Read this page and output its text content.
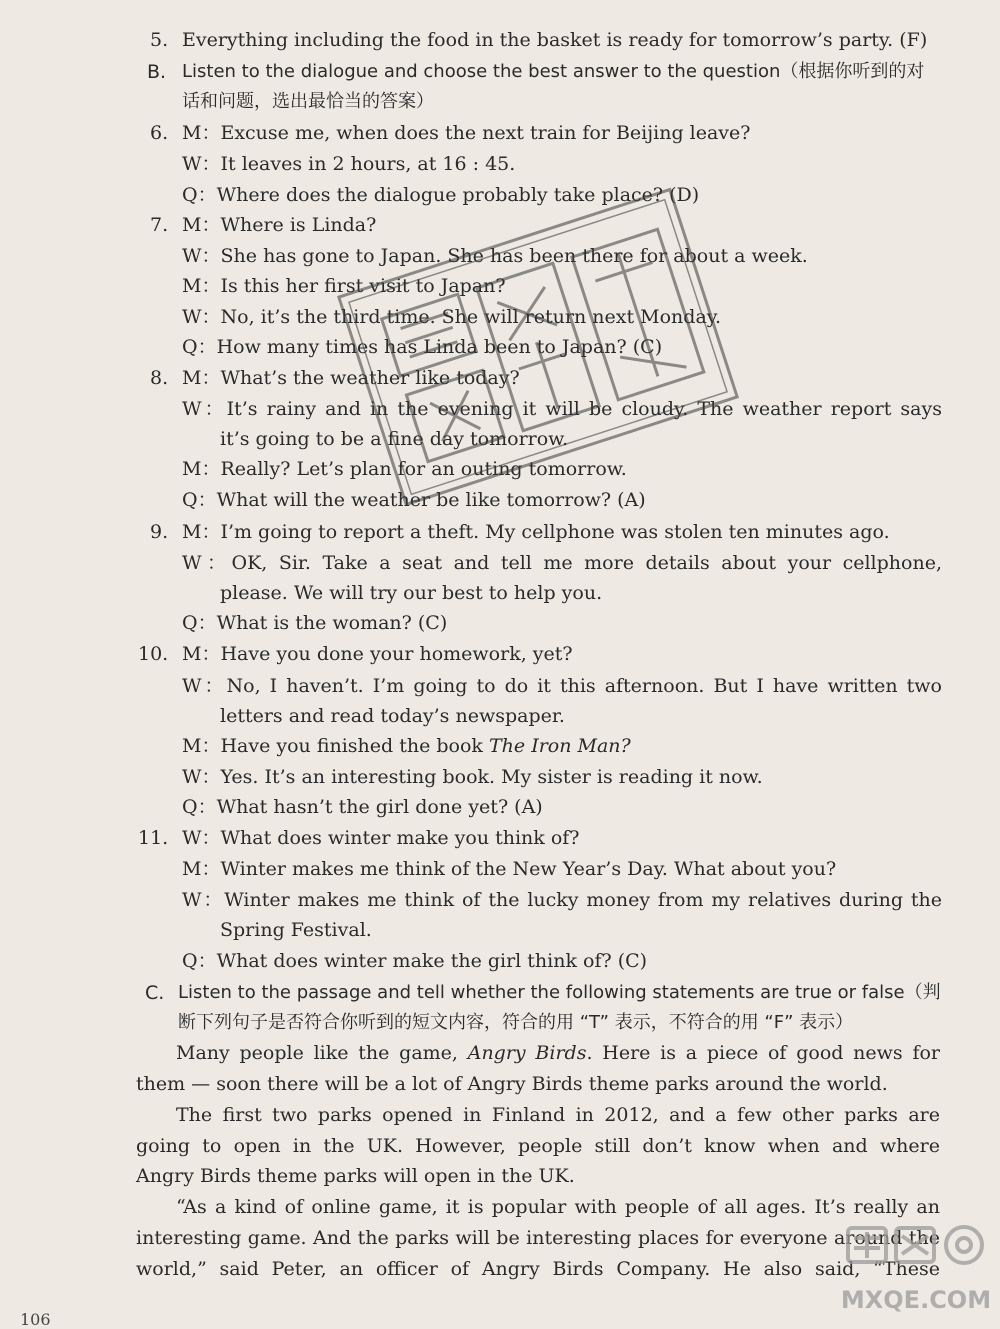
5. Everything including the food in the basket is ready for tomorrow’s party. (F)
B. Listen to the dialogue and choose the best answer to the question（根据你听到的对
话和问题，选出最恰当的答案）
6. M：Excuse me, when does the next train for Beijing leave?
W：It leaves in 2 hours, at 16 : 45.
Q：Where does the dialogue probably take place? (D)
7. M：Where is Linda?
W：She has gone to Japan. She has been there for about a week.
M：Is this her first visit to Japan?
W：No, it’s the third time. She will return next Monday.
Q：How many times has Linda been to Japan? (C)
8. M：What’s the weather like today?
W：It’s rainy and in the evening it will be cloudy. The weather report says
it’s going to be a fine day tomorrow.
M：Really? Let’s plan for an outing tomorrow.
Q：What will the weather be like tomorrow? (A)
9. M：I’m going to report a theft. My cellphone was stolen ten minutes ago.
W：OK, Sir. Take a seat and tell me more details about your cellphone,
please. We will try our best to help you.
Q：What is the woman? (C)
10. M：Have you done your homework, yet?
W：No, I haven’t. I’m going to do it this afternoon. But I have written two
letters and read today’s newspaper.
M：Have you finished the book The Iron Man?
W：Yes. It’s an interesting book. My sister is reading it now.
Q：What hasn’t the girl done yet? (A)
11. W：What does winter make you think of?
M：Winter makes me think of the New Year’s Day. What about you?
W：Winter makes me think of the lucky money from my relatives during the
Spring Festival.
Q：What does winter make the girl think of? (C)
C. Listen to the passage and tell whether the following statements are true or false（判
断下列句子是否符合你听到的短文内容，符合的用 “T” 表示，不符合的用 “F” 表示）
Many people like the game, Angry Birds. Here is a piece of good news for
them — soon there will be a lot of Angry Birds theme parks around the world.
The first two parks opened in Finland in 2012, and a few other parks are
going to open in the UK. However, people still don’t know when and where
Angry Birds theme parks will open in the UK.
“As a kind of online game, it is popular with people of all ages. It’s really an
interesting game. And the parks will be interesting places for everyone around the
world,” said Peter, an officer of Angry Birds Company. He also said, “These
106
MXQE.COM
